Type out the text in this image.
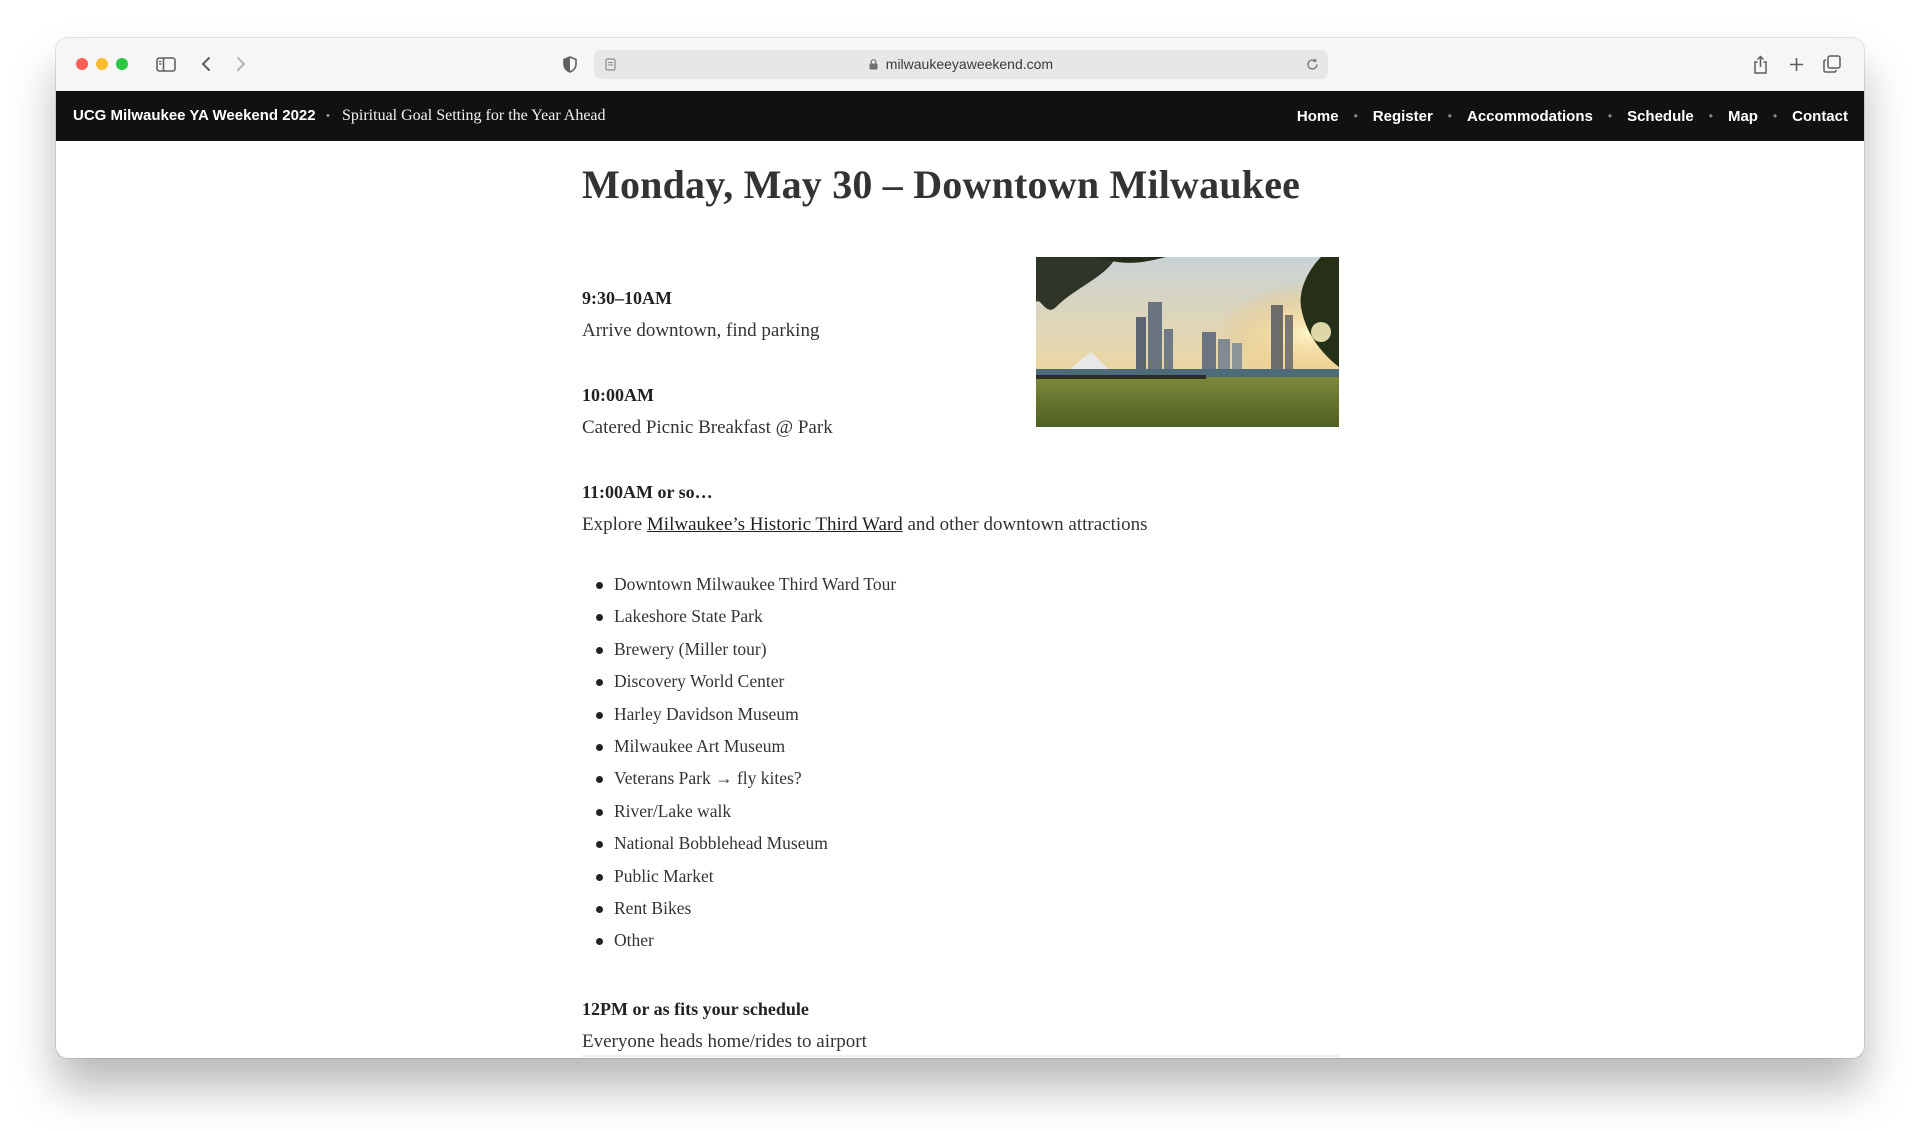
milwaukeeyaweekend.com
UCG Milwaukee YA Weekend 2022 • Spiritual Goal Setting for the Year Ahead	Home • Register • Accommodations • Schedule • Map • Contact
Monday, May 30 – Downtown Milwaukee
9:30–10AM
Arrive downtown, find parking
10:00AM
Catered Picnic Breakfast @ Park
11:00AM or so…
Explore Milwaukee’s Historic Third Ward and other downtown attractions
Downtown Milwaukee Third Ward Tour
Lakeshore State Park
Brewery (Miller tour)
Discovery World Center
Harley Davidson Museum
Milwaukee Art Museum
Veterans Park → fly kites?
River/Lake walk
National Bobblehead Museum
Public Market
Rent Bikes
Other
12PM or as fits your schedule
Everyone heads home/rides to airport
